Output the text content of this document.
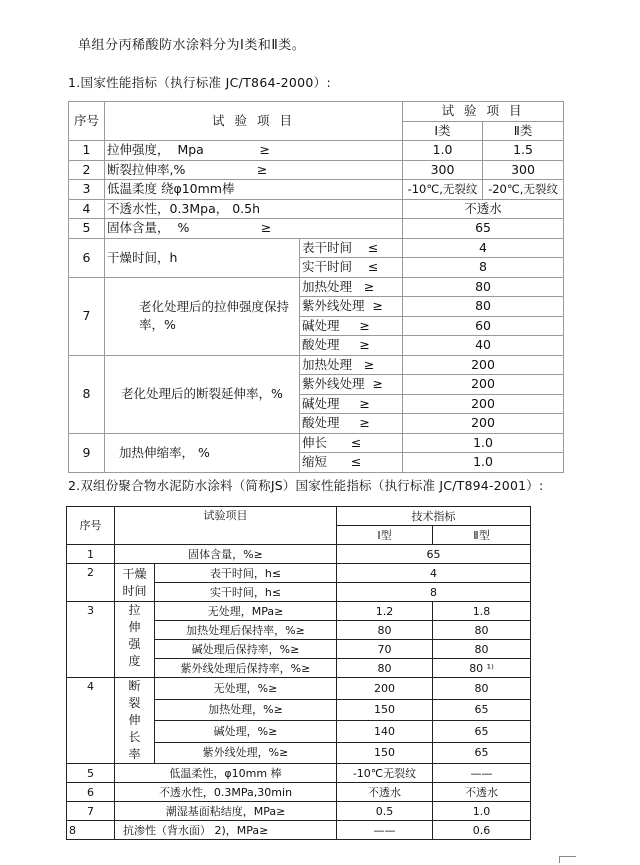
单组分丙稀酸防水涂料分为Ⅰ类和Ⅱ类。
1.国家性能指标（执行标准 JC/T864-2000）:
序号	试 验 项 目		试 验 项 目	
			Ⅰ类	Ⅱ类
1	拉伸强度，  Mpa              ≥		1.0	1.5
2	断裂拉伸率,%                  ≥		300	300
3	低温柔度 绕φ10mm棒		-10℃,无裂纹	-20℃,无裂纹
4	不透水性，0.3Mpa， 0.5h		不透水	
5	固体含量，  %                  ≥		65	
6	干燥时间，h	表干时间    ≤	4	
		实干时间    ≤	8	
7	老化处理后的拉伸强度保持率，%	加热处理   ≥	80	
		紫外线处理  ≥	80	
		碱处理     ≥	60	
		酸处理     ≥	40	
8	老化处理后的断裂延伸率，%	加热处理   ≥	200	
		紫外线处理  ≥	200	
		碱处理     ≥	200	
		酸处理     ≥	200	
9	加热伸缩率， %	伸长      ≤	1.0	
		缩短      ≤	1.0	
2.双组份聚合物水泥防水涂料（简称JS）国家性能指标（执行标准 JC/T894-2001）:
序号	试验项目		技术指标	
			Ⅰ型	Ⅱ型
1	固体含量，%≥		65	
2	干燥时间	表干时间，h≤	4	
		实干时间，h≤	8	
3	拉伸强度	无处理，MPa≥	1.2	1.8
		加热处理后保持率，%≥	80	80
		碱处理后保持率，%≥	70	80
		紫外线处理后保持率，%≥	80	80 ¹⁾
4	断裂伸长率	无处理，%≥	200	80
		加热处理，%≥	150	65
		碱处理，%≥	140	65
		紫外线处理，%≥	150	65
5	低温柔性，φ10mm 棒		-10℃无裂纹	——
6	不透水性，0.3MPa,30min		不透水	不透水
7	潮湿基面粘结度，MPa≥		0.5	1.0
8	抗渗性（背水面） 2)，MPa≥		——	0.6
